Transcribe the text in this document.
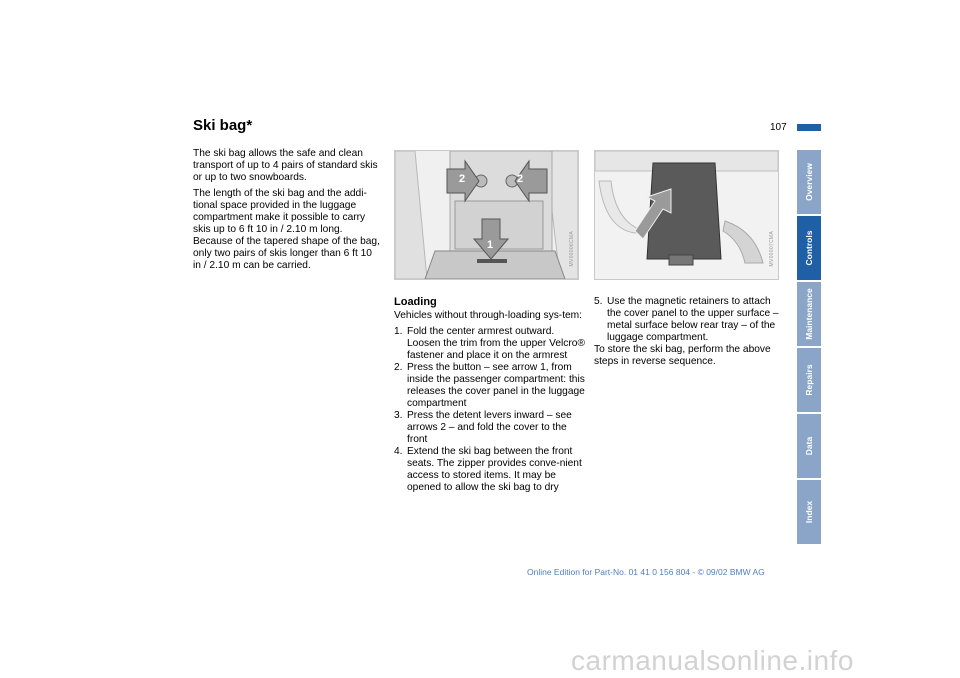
Ski bag*	107

The ski bag allows the safe and clean transport of up to 4 pairs of standard skis or up to two snowboards.

The length of the ski bag and the addi-tional space provided in the luggage compartment make it possible to carry skis up to 6 ft 10 in / 2.10 m long. Because of the tapered shape of the bag, only two pairs of skis longer than 6 ft 10 in / 2.10 m can be carried.

2	2
1	MV00006CMA	MV00007CMA
Loading

Vehicles without through-loading sys-tem:

1. Fold the center armrest outward. Loosen the trim from the upper Velcro® fastener and place it on the armrest
2. Press the button – see arrow 1, from inside the passenger compartment: this releases the cover panel in the luggage compartment
3. Press the detent levers inward – see arrows 2 – and fold the cover to the front
4. Extend the ski bag between the front seats. The zipper provides conve-nient access to stored items. It may be opened to allow the ski bag to dry
5. Use the magnetic retainers to attach the cover panel to the upper surface – metal surface below rear tray – of the luggage compartment.

To store the ski bag, perform the above steps in reverse sequence.

Overview
Controls
Maintenance
Repairs
Data
Index
Online Edition for Part-No. 01 41 0 156 804 - © 09/02 BMW AG
carmanualsonline.info
